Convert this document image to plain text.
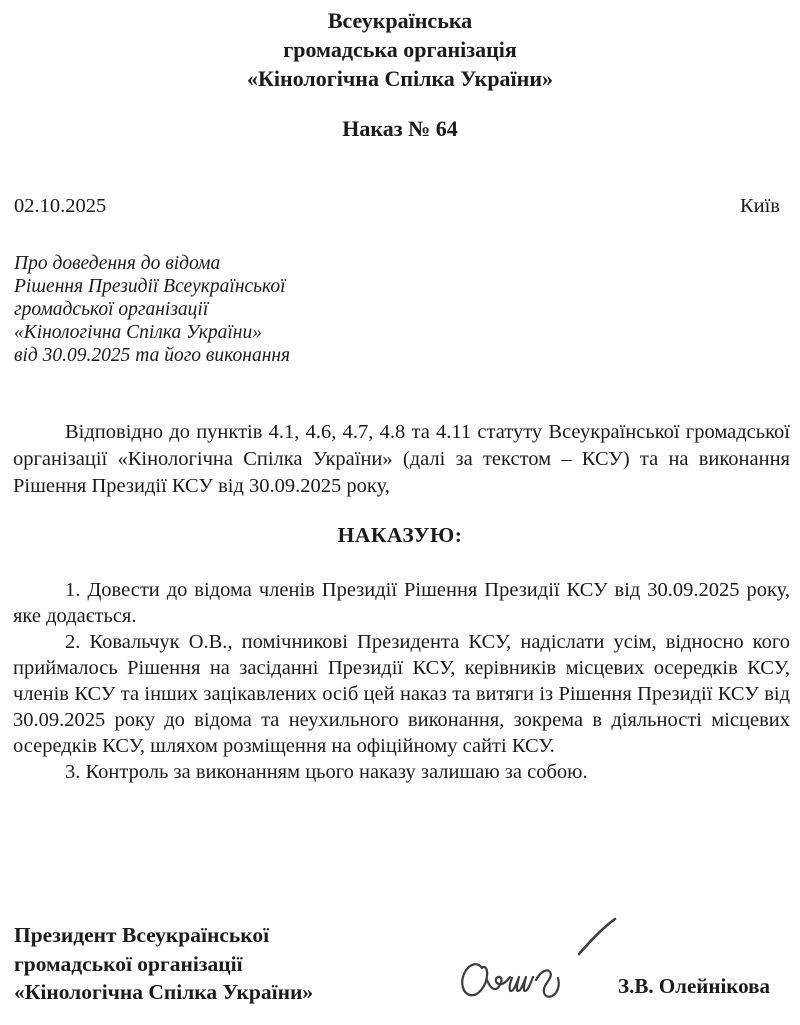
Всеукраїнська
громадська організація
«Кінологічна Спілка України»
Наказ № 64
02.10.2025	Київ
Про доведення до відома
Рішення Президії Всеукраїнської
громадської організації
«Кінологічна Спілка України»
від 30.09.2025 та його виконання

Відповідно до пунктів 4.1, 4.6, 4.7, 4.8 та 4.11 статуту Всеукраїнської громадської організації «Кінологічна Спілка України» (далі за текстом – КСУ) та на виконання Рішення Президії КСУ від 30.09.2025 року,

НАКАЗУЮ:

1. Довести до відома членів Президії Рішення Президії КСУ від 30.09.2025 року, яке додається.

2. Ковальчук О.В., помічникові Президента КСУ, надіслати усім, відносно кого приймалось Рішення на засіданні Президії КСУ, керівників місцевих осередків КСУ, членів КСУ та інших зацікавлених осіб цей наказ та витяги із Рішення Президії КСУ від 30.09.2025 року до відома та неухильного виконання, зокрема в діяльності місцевих осередків КСУ, шляхом розміщення на офіційному сайті КСУ.

3. Контроль за виконанням цього наказу залишаю за собою.

Президент Всеукраїнської
громадської організації
«Кінологічна Спілка України»	З.В. Олейнікова
